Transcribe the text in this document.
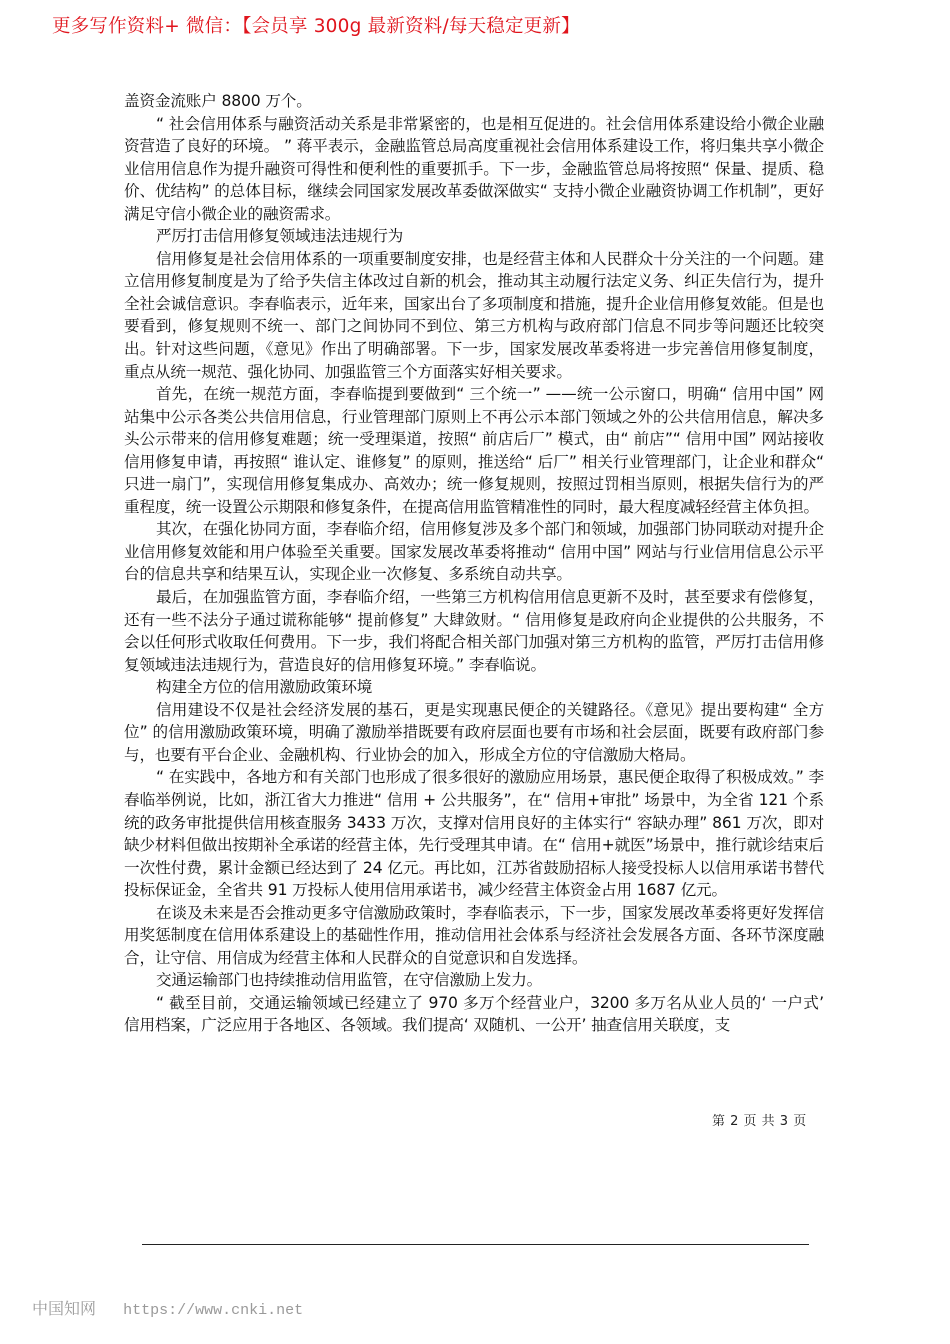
更多写作资料+ 微信：【会员享 300g 最新资料/每天稳定更新】

盖资金流账户 8800 万个。

“ 社会信用体系与融资活动关系是非常紧密的，也是相互促进的。社会信用体系建设给小微企业融资营造了良好的环境。 ” 蒋平表示，金融监管总局高度重视社会信用体系建设工作，将归集共享小微企业信用信息作为提升融资可得性和便利性的重要抓手。下一步，金融监管总局将按照“ 保量、提质、稳价、优结构” 的总体目标，继续会同国家发展改革委做深做实“ 支持小微企业融资协调工作机制”，更好满足守信小微企业的融资需求。

严厉打击信用修复领域违法违规行为

信用修复是社会信用体系的一项重要制度安排，也是经营主体和人民群众十分关注的一个问题。建立信用修复制度是为了给予失信主体改过自新的机会，推动其主动履行法定义务、纠正失信行为，提升全社会诚信意识。李春临表示，近年来，国家出台了多项制度和措施，提升企业信用修复效能。但是也要看到，修复规则不统一、部门之间协同不到位、第三方机构与政府部门信息不同步等问题还比较突出。针对这些问题，《意见》作出了明确部署。下一步，国家发展改革委将进一步完善信用修复制度，重点从统一规范、强化协同、加强监管三个方面落实好相关要求。

首先，在统一规范方面，李春临提到要做到“ 三个统一” ——统一公示窗口，明确“ 信用中国” 网站集中公示各类公共信用信息，行业管理部门原则上不再公示本部门领域之外的公共信用信息，解决多头公示带来的信用修复难题；统一受理渠道，按照“ 前店后厂” 模式，由“ 前店”“ 信用中国” 网站接收信用修复申请，再按照“ 谁认定、谁修复” 的原则，推送给“ 后厂” 相关行业管理部门，让企业和群众“ 只进一扇门”，实现信用修复集成办、高效办；统一修复规则，按照过罚相当原则，根据失信行为的严重程度，统一设置公示期限和修复条件，在提高信用监管精准性的同时，最大程度减轻经营主体负担。

其次，在强化协同方面，李春临介绍，信用修复涉及多个部门和领域，加强部门协同联动对提升企业信用修复效能和用户体验至关重要。国家发展改革委将推动“ 信用中国” 网站与行业信用信息公示平台的信息共享和结果互认，实现企业一次修复、多系统自动共享。

最后，在加强监管方面，李春临介绍，一些第三方机构信用信息更新不及时，甚至要求有偿修复，还有一些不法分子通过谎称能够“ 提前修复” 大肆敛财。“ 信用修复是政府向企业提供的公共服务，不会以任何形式收取任何费用。下一步，我们将配合相关部门加强对第三方机构的监管，严厉打击信用修复领域违法违规行为，营造良好的信用修复环境。” 李春临说。

构建全方位的信用激励政策环境

信用建设不仅是社会经济发展的基石，更是实现惠民便企的关键路径。《意见》提出要构建“ 全方位” 的信用激励政策环境，明确了激励举措既要有政府层面也要有市场和社会层面，既要有政府部门参与，也要有平台企业、金融机构、行业协会的加入，形成全方位的守信激励大格局。

“ 在实践中，各地方和有关部门也形成了很多很好的激励应用场景，惠民便企取得了积极成效。” 李春临举例说，比如，浙江省大力推进“ 信用 + 公共服务”，在“ 信用+审批” 场景中，为全省 121 个系统的政务审批提供信用核查服务 3433 万次，支撑对信用良好的主体实行“ 容缺办理” 861 万次，即对缺少材料但做出按期补全承诺的经营主体，先行受理其申请。在“ 信用+就医”场景中，推行就诊结束后一次性付费，累计金额已经达到了 24 亿元。再比如，江苏省鼓励招标人接受投标人以信用承诺书替代投标保证金，全省共 91 万投标人使用信用承诺书，减少经营主体资金占用 1687 亿元。

在谈及未来是否会推动更多守信激励政策时，李春临表示，下一步，国家发展改革委将更好发挥信用奖惩制度在信用体系建设上的基础性作用，推动信用社会体系与经济社会发展各方面、各环节深度融合，让守信、用信成为经营主体和人民群众的自觉意识和自发选择。

交通运输部门也持续推动信用监管，在守信激励上发力。

“ 截至目前，交通运输领域已经建立了 970 多万个经营业户，3200 多万名从业人员的‘ 一户式’ 信用档案，广泛应用于各地区、各领域。我们提高‘ 双随机、一公开’ 抽查信用关联度，支

第 2 页 共 3 页
中国知网 https://www.cnki.net
